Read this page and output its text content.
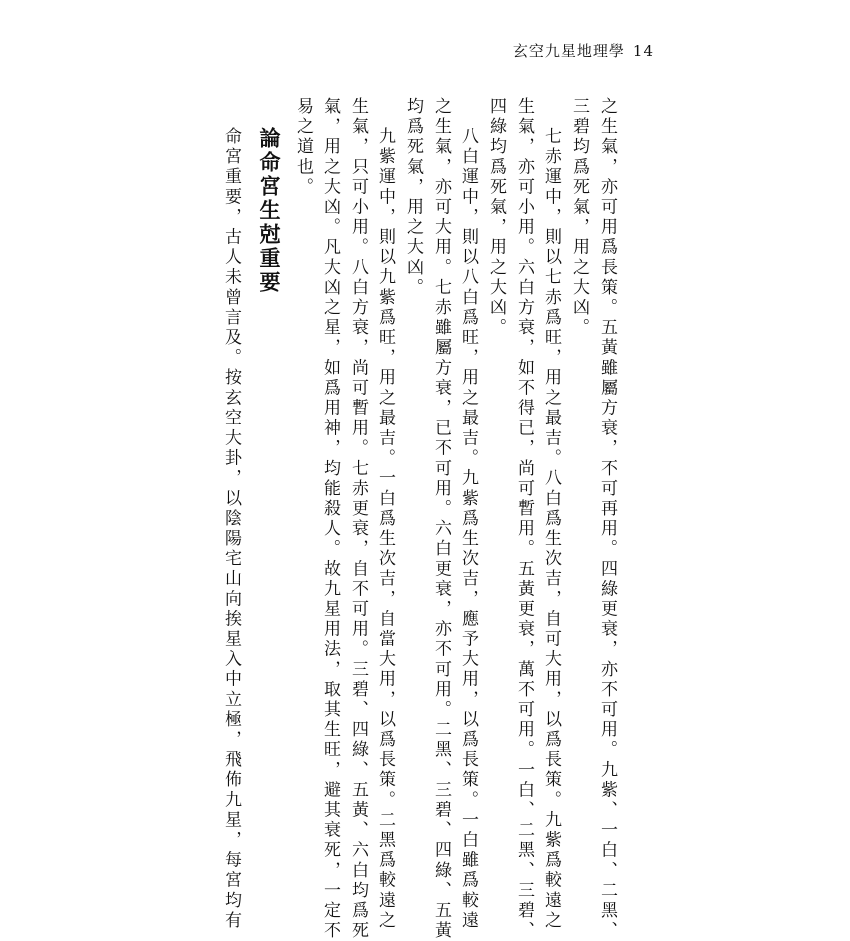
玄空九星地理學 14
之生氣，亦可用爲長策。五黃雖屬方衰，不可再用。四綠更衰，亦不可用。九紫、一白、二黑、
三碧均爲死氣，用之大凶。
七赤運中，則以七赤爲旺，用之最吉。八白爲生次吉，自可大用，以爲長策。九紫爲較遠之
生氣，亦可小用。六白方衰，如不得已，尚可暫用。五黃更衰，萬不可用。一白、二黑、三碧、
四綠均爲死氣，用之大凶。
八白運中，則以八白爲旺，用之最吉。九紫爲生次吉，應予大用，以爲長策。一白雖爲較遠
之生氣，亦可大用。七赤雖屬方衰，已不可用。六白更衰，亦不可用。二黑、三碧、四綠、五黃
均爲死氣，用之大凶。
九紫運中，則以九紫爲旺，用之最吉。一白爲生次吉，自當大用，以爲長策。二黑爲較遠之
生氣，只可小用。八白方衰，尚可暫用。七赤更衰，自不可用。三碧、四綠、五黃、六白均爲死
氣，用之大凶。凡大凶之星，如爲用神，均能殺人。故九星用法，取其生旺，避其衰死，一定不
易之道也。
論命宮生尅重要
命宮重要，古人未曾言及。按玄空大卦，以陰陽宅山向挨星入中立極，飛佈九星，每宮均有
